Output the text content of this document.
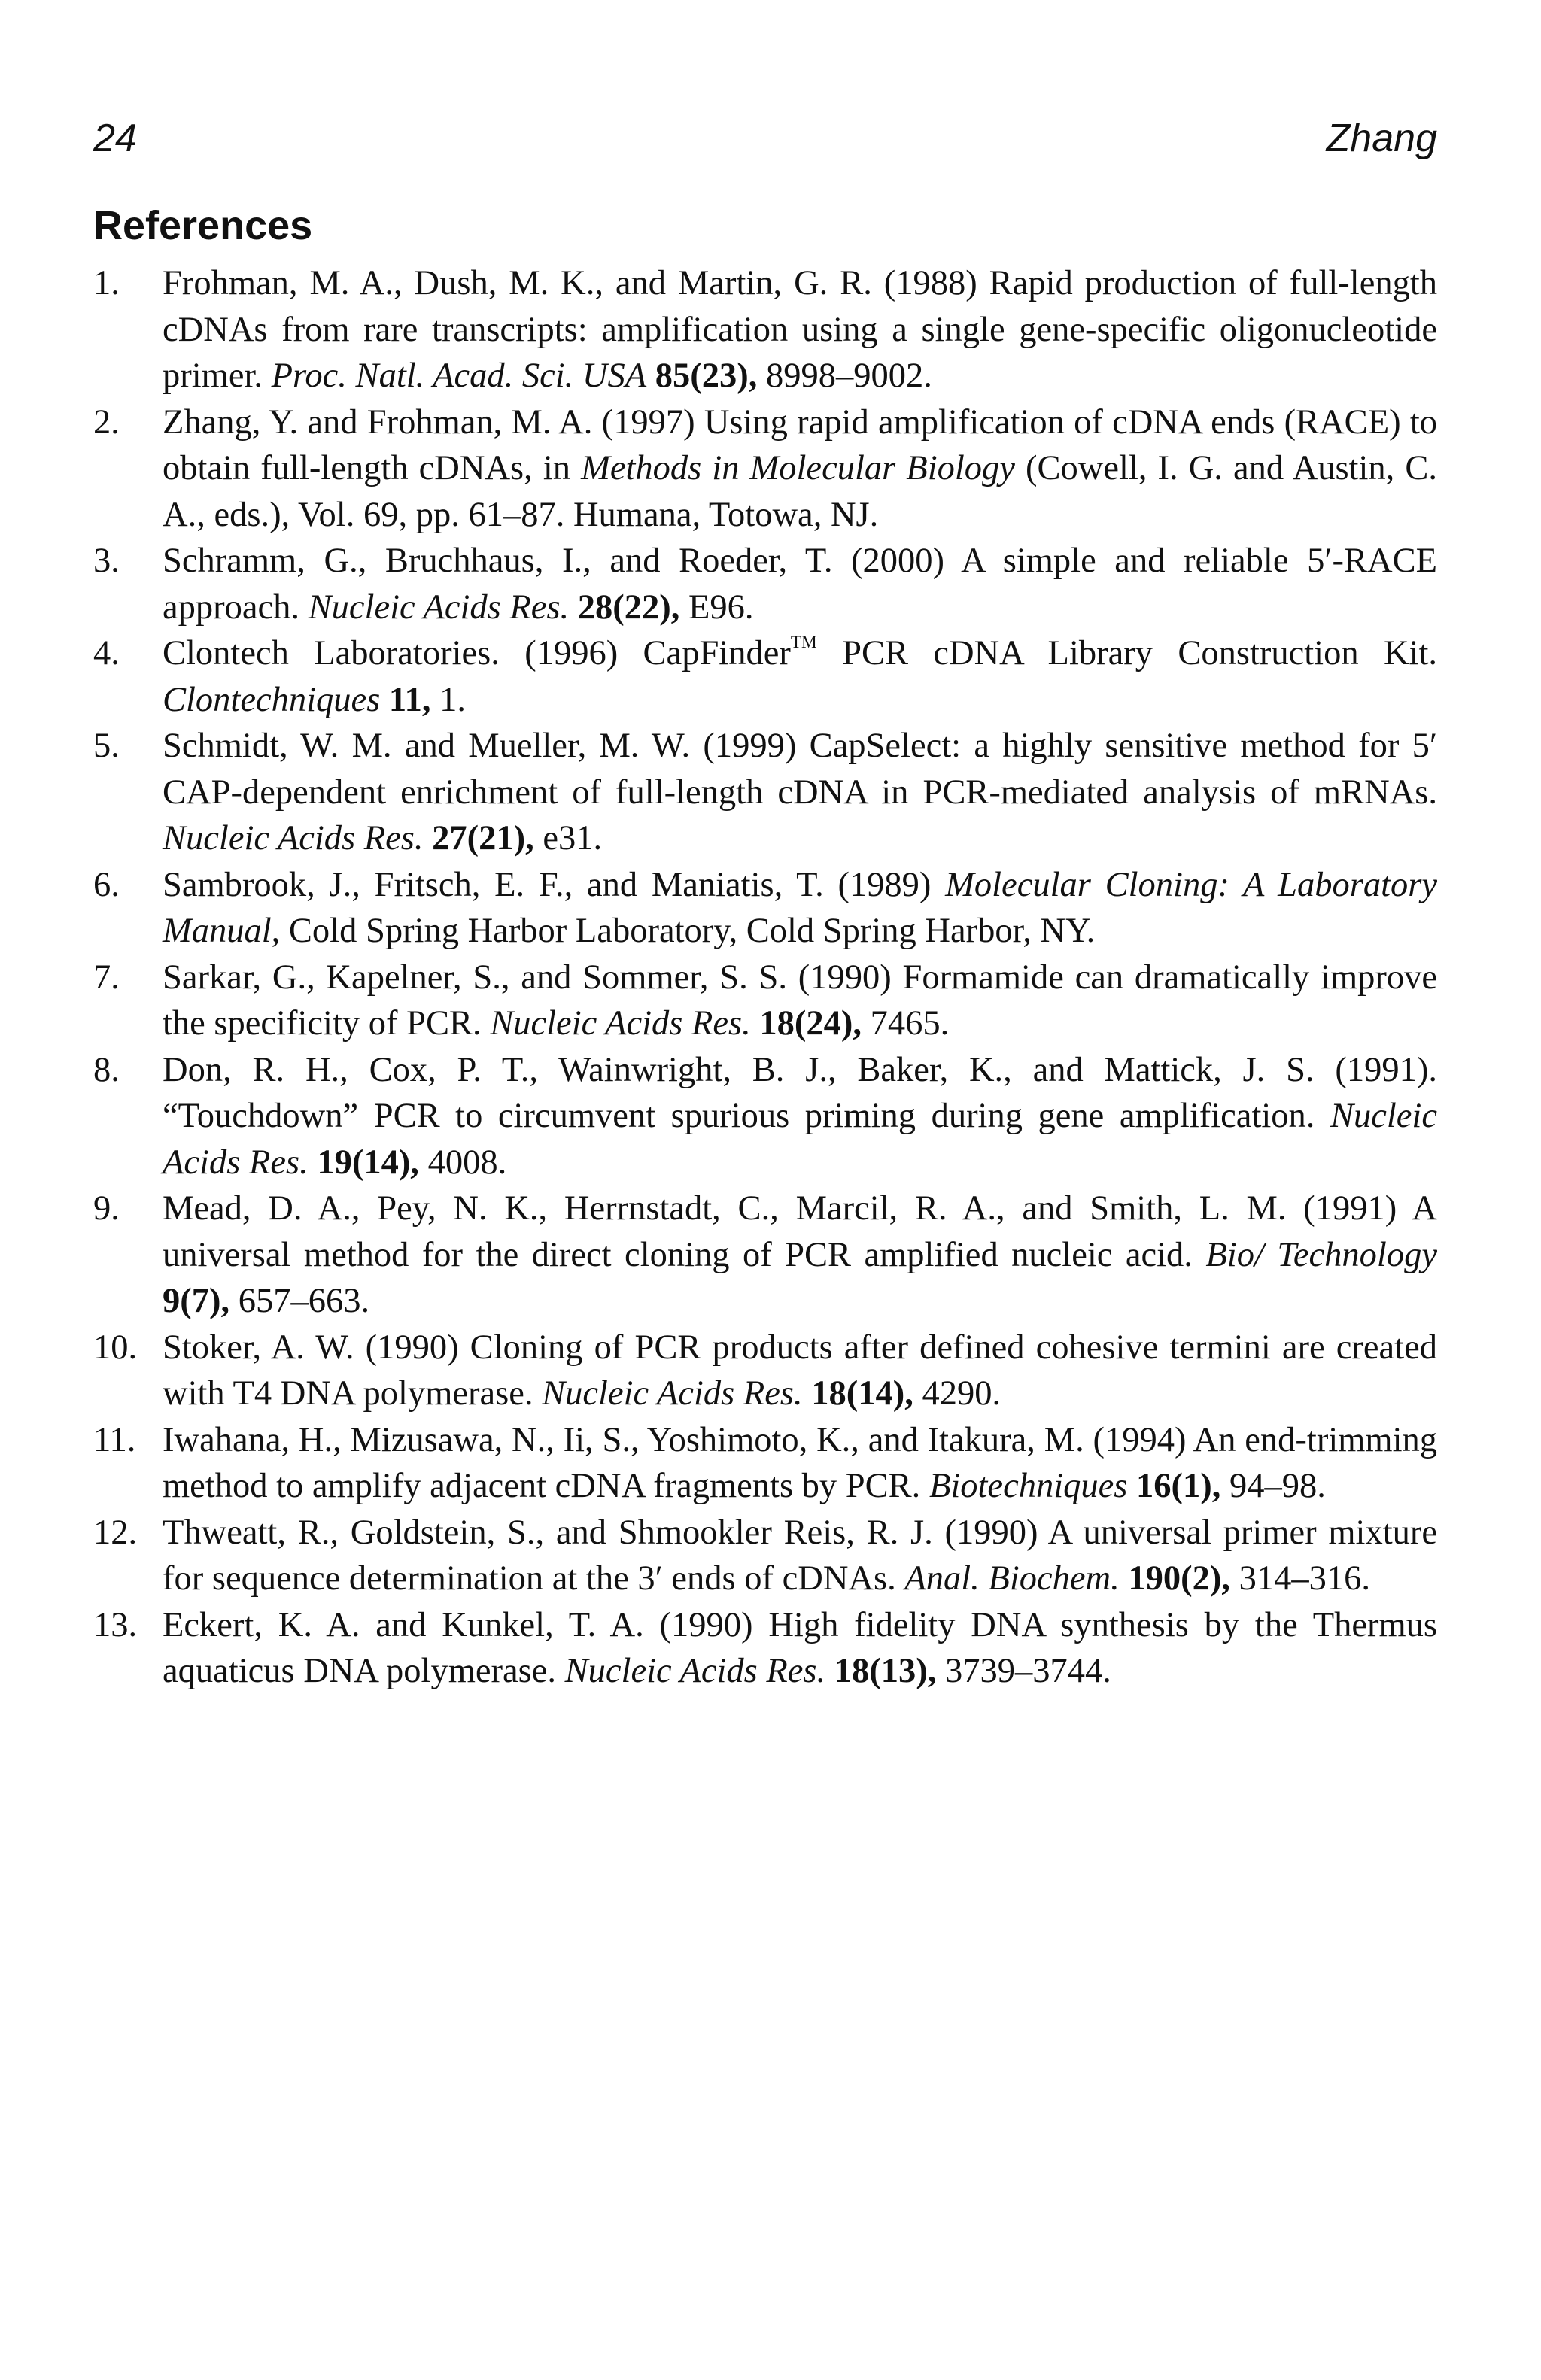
24	Zhang
References
1.	Frohman, M. A., Dush, M. K., and Martin, G. R. (1988) Rapid production of full-length cDNAs from rare transcripts: amplification using a single gene-specific oligonucleotide primer. Proc. Natl. Acad. Sci. USA 85(23), 8998–9002.
2.	Zhang, Y. and Frohman, M. A. (1997) Using rapid amplification of cDNA ends (RACE) to obtain full-length cDNAs, in Methods in Molecular Biology (Cowell, I. G. and Austin, C. A., eds.), Vol. 69, pp. 61–87. Humana, Totowa, NJ.
3.	Schramm, G., Bruchhaus, I., and Roeder, T. (2000) A simple and reliable 5′-RACE approach. Nucleic Acids Res. 28(22), E96.
4.	Clontech Laboratories. (1996) CapFinder™ PCR cDNA Library Construction Kit. Clontechniques 11, 1.
5.	Schmidt, W. M. and Mueller, M. W. (1999) CapSelect: a highly sensitive method for 5′ CAP-dependent enrichment of full-length cDNA in PCR-mediated analysis of mRNAs. Nucleic Acids Res. 27(21), e31.
6.	Sambrook, J., Fritsch, E. F., and Maniatis, T. (1989) Molecular Cloning: A Laboratory Manual, Cold Spring Harbor Laboratory, Cold Spring Harbor, NY.
7.	Sarkar, G., Kapelner, S., and Sommer, S. S. (1990) Formamide can dramatically improve the specificity of PCR. Nucleic Acids Res. 18(24), 7465.
8.	Don, R. H., Cox, P. T., Wainwright, B. J., Baker, K., and Mattick, J. S. (1991). “Touchdown” PCR to circumvent spurious priming during gene amplification. Nucleic Acids Res. 19(14), 4008.
9.	Mead, D. A., Pey, N. K., Herrnstadt, C., Marcil, R. A., and Smith, L. M. (1991) A universal method for the direct cloning of PCR amplified nucleic acid. Bio/ Technology 9(7), 657–663.
10. Stoker, A. W. (1990) Cloning of PCR products after defined cohesive termini are created with T4 DNA polymerase. Nucleic Acids Res. 18(14), 4290.
11. Iwahana, H., Mizusawa, N., Ii, S., Yoshimoto, K., and Itakura, M. (1994) An end-trimming method to amplify adjacent cDNA fragments by PCR. Biotechniques 16(1), 94–98.
12. Thweatt, R., Goldstein, S., and Shmookler Reis, R. J. (1990) A universal primer mixture for sequence determination at the 3′ ends of cDNAs. Anal. Biochem. 190(2), 314–316.
13. Eckert, K. A. and Kunkel, T. A. (1990) High fidelity DNA synthesis by the Thermus aquaticus DNA polymerase. Nucleic Acids Res. 18(13), 3739–3744.
